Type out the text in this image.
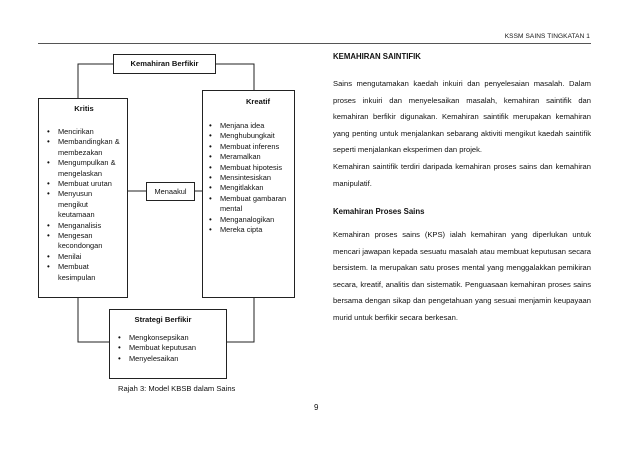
KSSM SAINS TINGKATAN 1
Kemahiran Berfikir
Kritis
• Mencirikan
• Membandingkan & membezakan
• Mengumpulkan & mengelaskan
• Membuat urutan
• Menyusun mengikut keutamaan
• Menganalisis
• Mengesan kecondongan
• Menilai
• Membuat kesimpulan
Kreatif
• Menjana idea
• Menghubungkait
• Membuat inferens
• Meramalkan
• Membuat hipotesis
• Mensintesiskan
• Mengitlakkan
• Membuat gambaran mental
• Menganalogikan
• Mereka cipta
Menaakul
Strategi Berfikir
• Mengkonsepsikan
• Membuat keputusan
• Menyelesaikan
Rajah 3: Model KBSB dalam Sains
9
KEMAHIRAN SAINTIFIK

Sains mengutamakan kaedah inkuiri dan penyelesaian masalah. Dalam proses inkuiri dan menyelesaikan masalah, kemahiran saintifik dan kemahiran berfikir digunakan. Kemahiran saintifik merupakan kemahiran yang penting untuk menjalankan sebarang aktiviti mengikut kaedah saintifik seperti menjalankan eksperimen dan projek.

Kemahiran saintifik terdiri daripada kemahiran proses sains dan kemahiran manipulatif.

Kemahiran Proses Sains

Kemahiran proses sains (KPS) ialah kemahiran yang diperlukan untuk mencari jawapan kepada sesuatu masalah atau membuat keputusan secara bersistem. Ia merupakan satu proses mental yang menggalakkan pemikiran secara, kreatif, analitis dan sistematik. Penguasaan kemahiran proses sains bersama dengan sikap dan pengetahuan yang sesuai menjamin keupayaan murid untuk berfikir secara berkesan.
